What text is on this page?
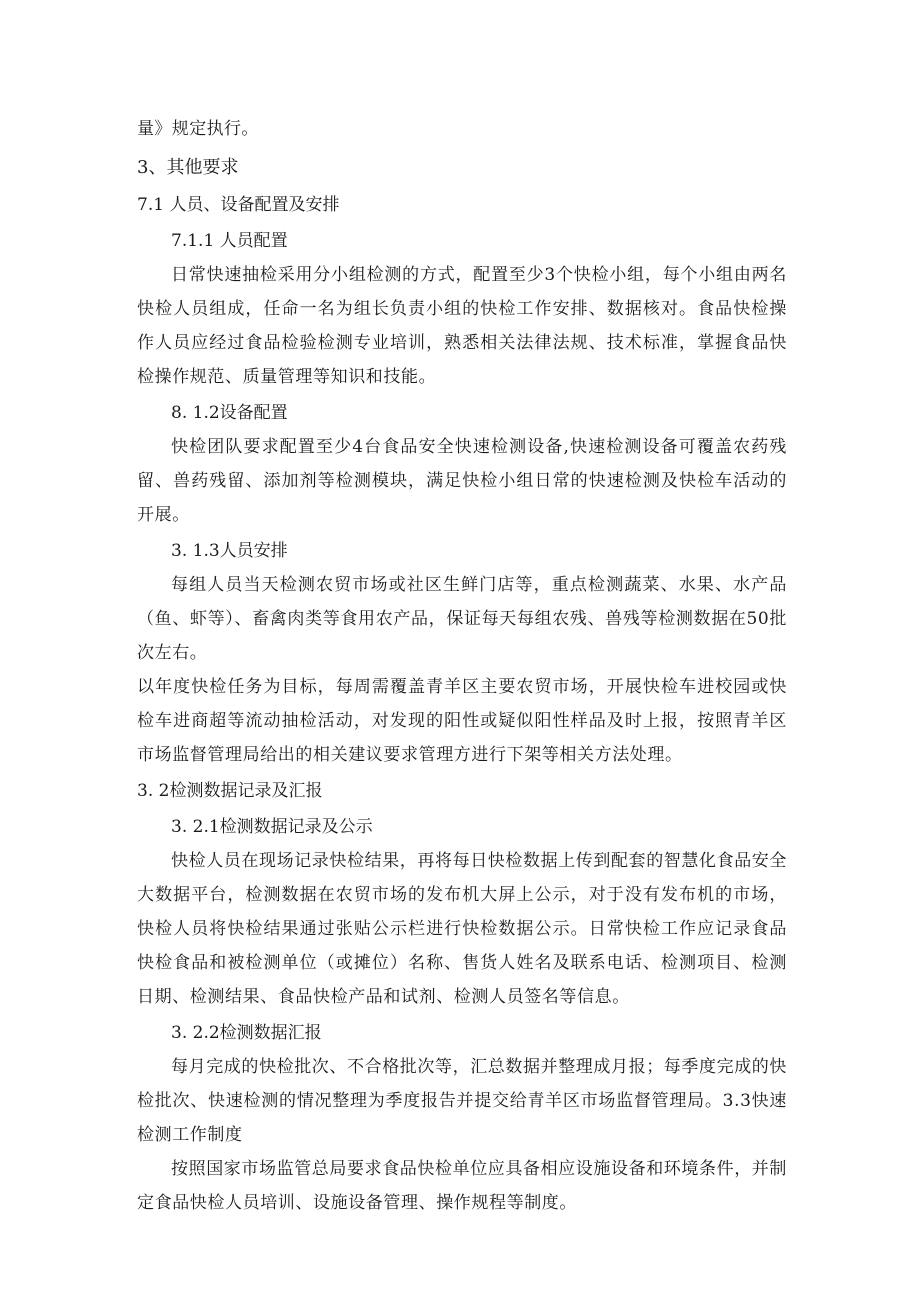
量》规定执行。
3、其他要求
7.1 人员、设备配置及安排
7.1.1 人员配置
日常快速抽检采用分小组检测的方式，配置至少3个快检小组，每个小组由两名快检人员组成，任命一名为组长负责小组的快检工作安排、数据核对。食品快检操作人员应经过食品检验检测专业培训，熟悉相关法律法规、技术标准，掌握食品快检操作规范、质量管理等知识和技能。
8. 1.2设备配置
快检团队要求配置至少4台食品安全快速检测设备,快速检测设备可覆盖农药残留、兽药残留、添加剂等检测模块，满足快检小组日常的快速检测及快检车活动的开展。
3. 1.3人员安排
每组人员当天检测农贸市场或社区生鲜门店等，重点检测蔬菜、水果、水产品（鱼、虾等）、畜禽肉类等食用农产品，保证每天每组农残、兽残等检测数据在50批次左右。
以年度快检任务为目标，每周需覆盖青羊区主要农贸市场，开展快检车进校园或快检车进商超等流动抽检活动，对发现的阳性或疑似阳性样品及时上报，按照青羊区市场监督管理局给出的相关建议要求管理方进行下架等相关方法处理。
3. 2检测数据记录及汇报
3. 2.1检测数据记录及公示
快检人员在现场记录快检结果，再将每日快检数据上传到配套的智慧化食品安全大数据平台，检测数据在农贸市场的发布机大屏上公示，对于没有发布机的市场，快检人员将快检结果通过张贴公示栏进行快检数据公示。日常快检工作应记录食品快检食品和被检测单位（或摊位）名称、售货人姓名及联系电话、检测项目、检测日期、检测结果、食品快检产品和试剂、检测人员签名等信息。
3. 2.2检测数据汇报
每月完成的快检批次、不合格批次等，汇总数据并整理成月报；每季度完成的快检批次、快速检测的情况整理为季度报告并提交给青羊区市场监督管理局。3.3快速检测工作制度
按照国家市场监管总局要求食品快检单位应具备相应设施设备和环境条件，并制定食品快检人员培训、设施设备管理、操作规程等制度。
